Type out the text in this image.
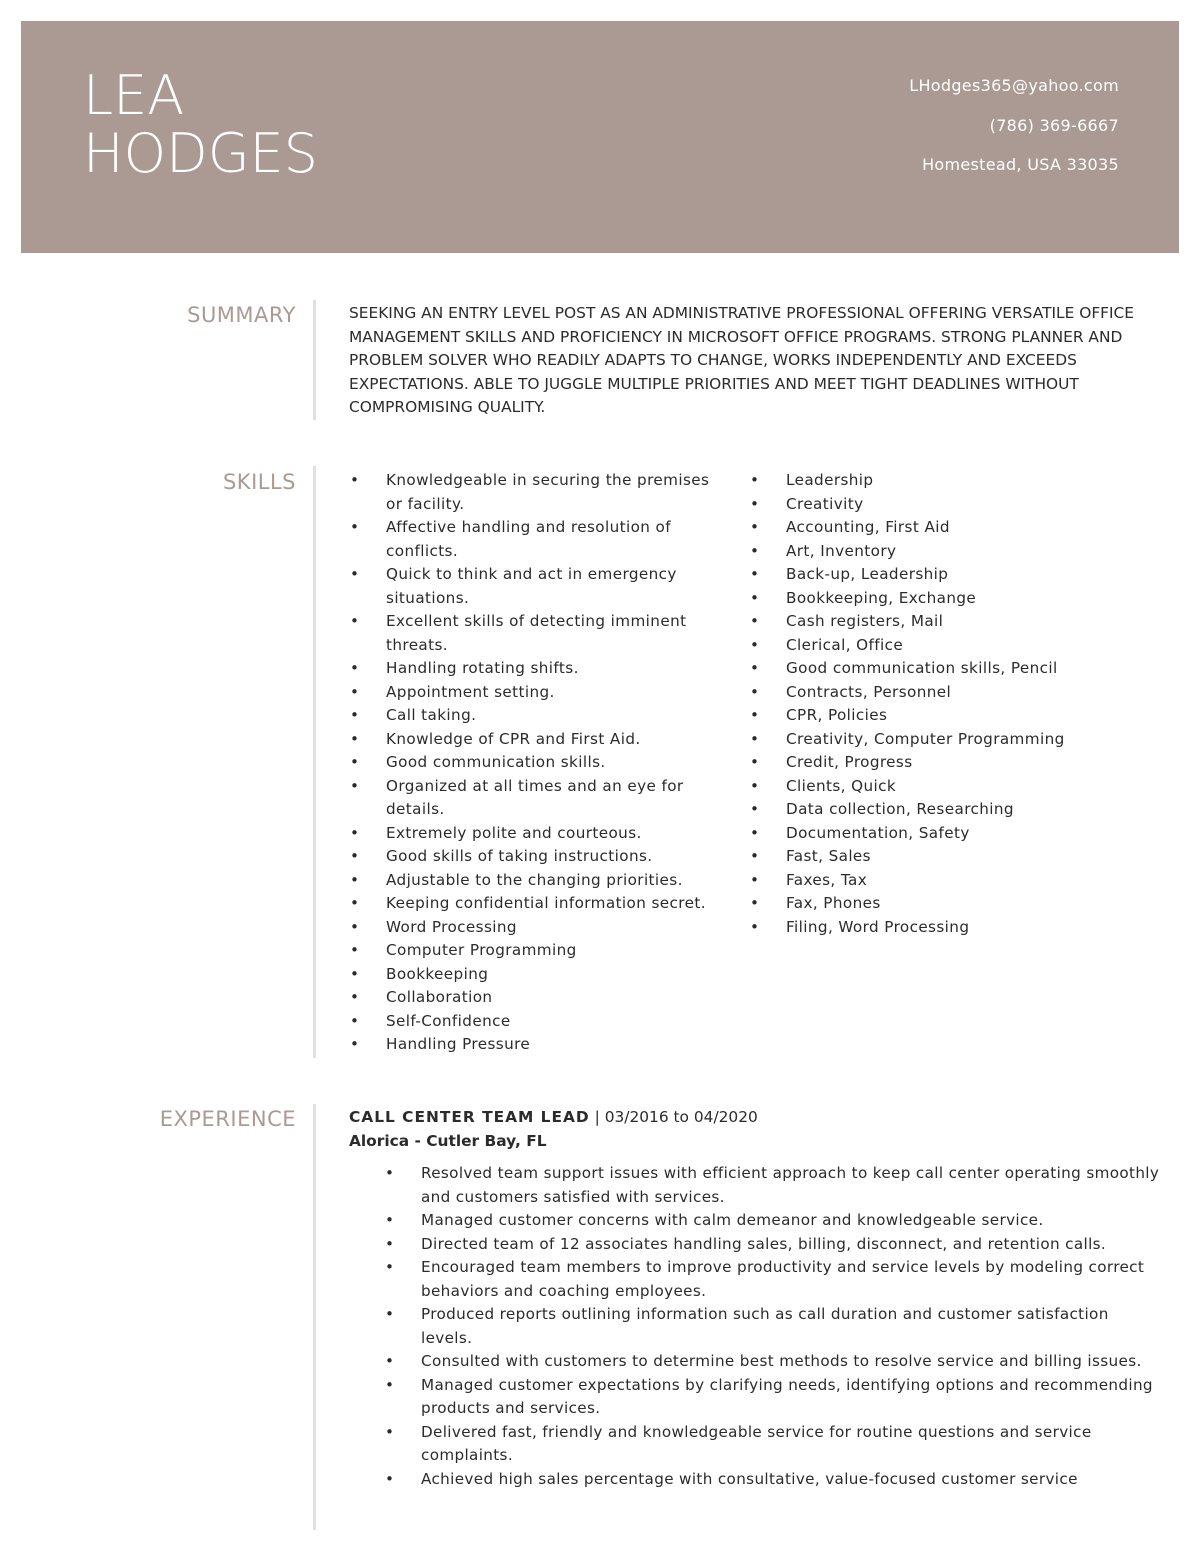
LEA
HODGES
LHodges365@yahoo.com
(786) 369-6667
Homestead, USA 33035
SUMMARY	SEEKING AN ENTRY LEVEL POST AS AN ADMINISTRATIVE PROFESSIONAL OFFERING VERSATILE OFFICE MANAGEMENT SKILLS AND PROFICIENCY IN MICROSOFT OFFICE PROGRAMS. STRONG PLANNER AND PROBLEM SOLVER WHO READILY ADAPTS TO CHANGE, WORKS INDEPENDENTLY AND EXCEEDS EXPECTATIONS. ABLE TO JUGGLE MULTIPLE PRIORITIES AND MEET TIGHT DEADLINES WITHOUT COMPROMISING QUALITY.
SKILLS
•	Knowledgeable in securing the premises or facility.
• Affective handling and resolution of conflicts.
• Quick to think and act in emergency situations.
• Excellent skills of detecting imminent threats.
• Handling rotating shifts.
• Appointment setting.
• Call taking.
• Knowledge of CPR and First Aid.
• Good communication skills.
• Organized at all times and an eye for details.
• Extremely polite and courteous.
• Good skills of taking instructions.
• Adjustable to the changing priorities.
• Keeping confidential information secret.
• Word Processing
• Computer Programming
• Bookkeeping
• Collaboration
• Self-Confidence
• Handling Pressure
• Leadership
• Creativity
• Accounting, First Aid
• Art, Inventory
• Back-up, Leadership
• Bookkeeping, Exchange
• Cash registers, Mail
• Clerical, Office
• Good communication skills, Pencil
• Contracts, Personnel
• CPR, Policies
• Creativity, Computer Programming
• Credit, Progress
• Clients, Quick
• Data collection, Researching
• Documentation, Safety
• Fast, Sales
• Faxes, Tax
• Fax, Phones
• Filing, Word Processing
EXPERIENCE	CALL CENTER TEAM LEAD | 03/2016 to 04/2020
Alorica - Cutler Bay, FL
• Resolved team support issues with efficient approach to keep call center operating smoothly and customers satisfied with services.
• Managed customer concerns with calm demeanor and knowledgeable service.
• Directed team of 12 associates handling sales, billing, disconnect, and retention calls.
• Encouraged team members to improve productivity and service levels by modeling correct behaviors and coaching employees.
• Produced reports outlining information such as call duration and customer satisfaction levels.
• Consulted with customers to determine best methods to resolve service and billing issues.
• Managed customer expectations by clarifying needs, identifying options and recommending products and services.
• Delivered fast, friendly and knowledgeable service for routine questions and service complaints.
• Achieved high sales percentage with consultative, value-focused customer service
